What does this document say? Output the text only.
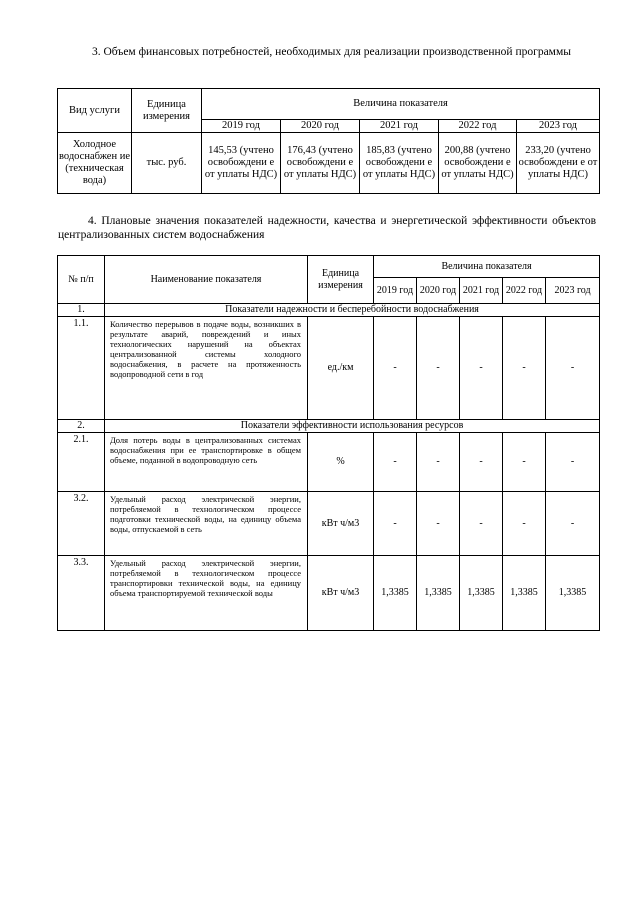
3. Объем финансовых потребностей, необходимых для реализации производственной программы
Вид услуги	Единица измерения	Величина показателя				
		2019 год	2020 год	2021 год	2022 год	2023 год
Холодное водоснабжен ие (техническая вода)	тыс. руб.	145,53 (учтено освобождени е от уплаты НДС)	176,43 (учтено освобождени е от уплаты НДС)	185,83 (учтено освобождени е от уплаты НДС)	200,88 (учтено освобождени е от уплаты НДС)	233,20 (учтено освобождени е от уплаты НДС)
4. Плановые значения показателей надежности, качества и энергетической эффективности объектов централизованных систем водоснабжения
№ п/п	Наименование показателя	Единица измерения	Величина показателя				
			2019 год	2020 год	2021 год	2022 год	2023 год
1.	Показатели надежности и бесперебойности водоснабжения						
1.1.	Количество перерывов в подаче воды, возникших в результате аварий, повреждений и иных технологических нарушений на объектах централизованной системы холодного водоснабжения, в расчете на протяженность водопроводной сети в год	ед./км	-	-	-	-	-
2.	Показатели эффективности использования ресурсов						
2.1.	Доля потерь воды в централизованных системах водоснабжения при ее транспортировке в общем объеме, поданной в водопроводную сеть	%	-	-	-	-	-
3.2.	Удельный расход электрической энергии, потребляемой в технологическом процессе подготовки технической воды, на единицу объема воды, отпускаемой в сеть	кВт ч/м3	-	-	-	-	-
3.3.	Удельный расход электрической энергии, потребляемой в технологическом процессе транспортировки технической воды, на единицу объема транспортируемой технической воды	кВт ч/м3	1,3385	1,3385	1,3385	1,3385	1,3385
